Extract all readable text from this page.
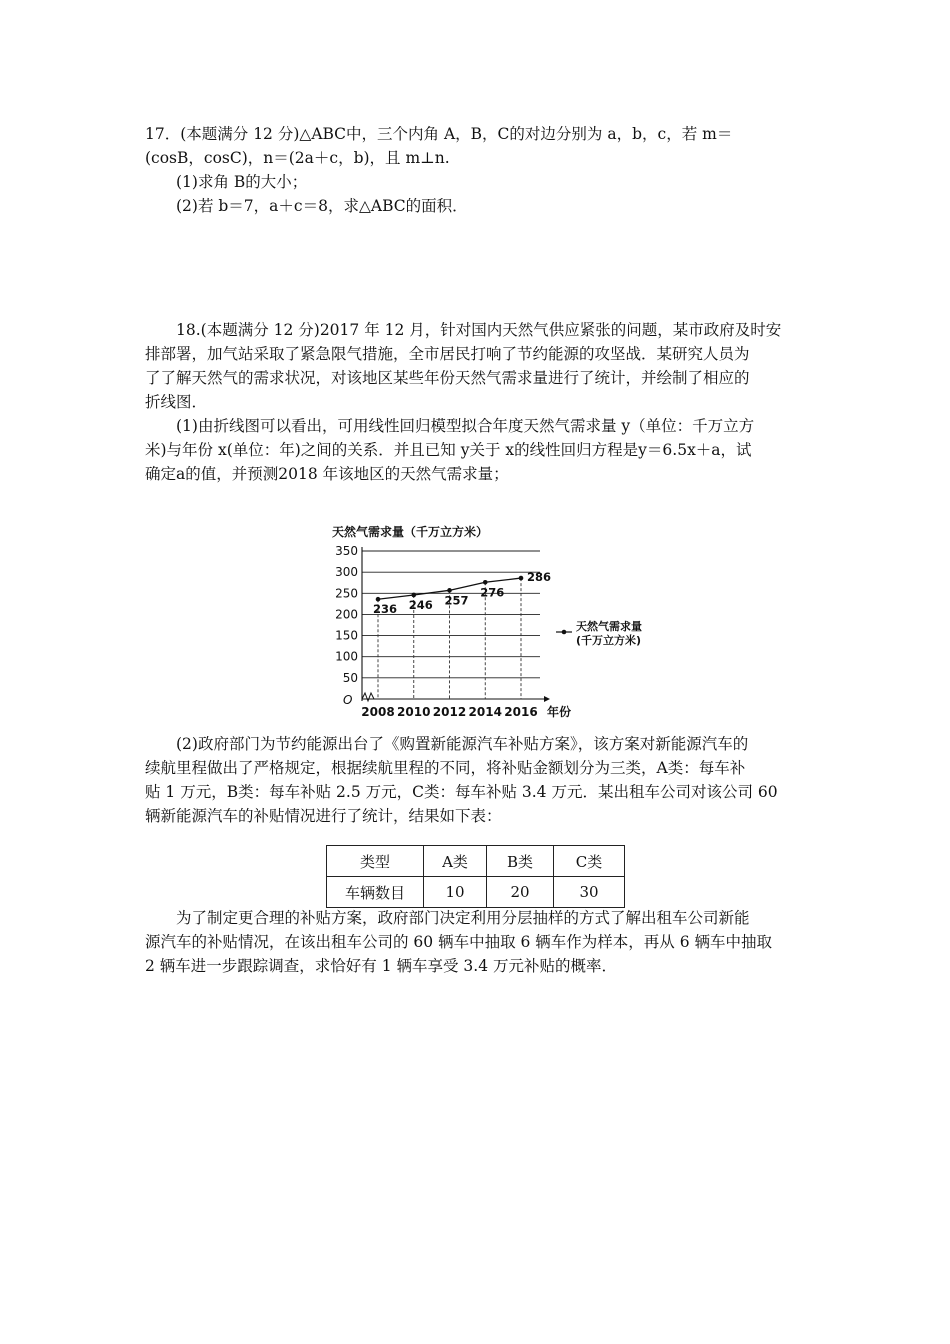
17．(本题满分 12 分)△ABC中，三个内角 A，B，C的对边分别为 a，b，c，若 m＝
(cosB，cosC)，n＝(2a＋c，b)，且 m⊥n.
(1)求角 B的大小；
(2)若 b＝7，a＋c＝8，求△ABC的面积．
18.(本题满分 12 分)2017 年 12 月，针对国内天然气供应紧张的问题，某市政府及时安
排部署，加气站采取了紧急限气措施，全市居民打响了节约能源的攻坚战．某研究人员为
了了解天然气的需求状况，对该地区某些年份天然气需求量进行了统计，并绘制了相应的
折线图．
(1)由折线图可以看出，可用线性回归模型拟合年度天然气需求量 y（单位：千万立方
米)与年份 x(单位：年)之间的关系．并且已知 y关于 x的线性回归方程是y＝6.5x＋a，试
确定a的值，并预测2018 年该地区的天然气需求量；
天然气需求量（千万立方米）
50
100
150
200
250
300
350
2008 2010 2012 2014 2016
236 246 257
276
286
O
年份
天然气需求量
(千万立方米)
(2)政府部门为节约能源出台了《购置新能源汽车补贴方案》，该方案对新能源汽车的
续航里程做出了严格规定，根据续航里程的不同，将补贴金额划分为三类，A类：每车补
贴 1 万元，B类：每车补贴 2.5 万元，C类：每车补贴 3.4 万元．某出租车公司对该公司 60
辆新能源汽车的补贴情况进行了统计，结果如下表：
类型	A类	B类	C类
车辆数目	10	20	30
为了制定更合理的补贴方案，政府部门决定利用分层抽样的方式了解出租车公司新能
源汽车的补贴情况，在该出租车公司的 60 辆车中抽取 6 辆车作为样本，再从 6 辆车中抽取
2 辆车进一步跟踪调查，求恰好有 1 辆车享受 3.4 万元补贴的概率．
